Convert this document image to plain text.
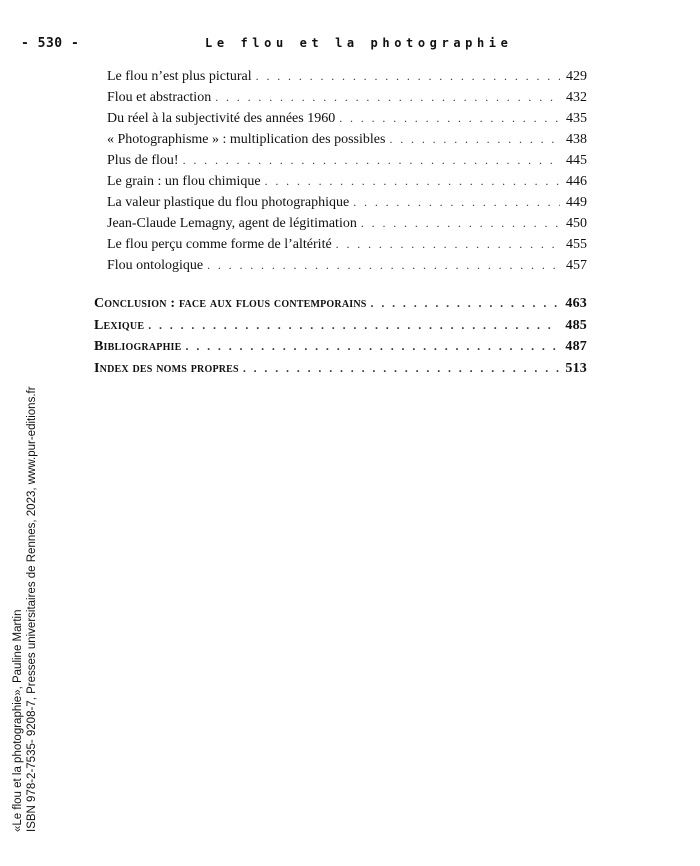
- 530 -	Le flou et la photographie
Le flou n’est plus pictural . . .	429
Flou et abstraction . . .	432
Du réel à la subjectivité des années 1960 . . .	435
« Photographisme » : multiplication des possibles . . .	438
Plus de flou! . . .	445
Le grain : un flou chimique . . .	446
La valeur plastique du flou photographique . . .	449
Jean-Claude Lemagny, agent de légitimation . . .	450
Le flou perçu comme forme de l’altérité . . .	455
Flou ontologique . . .	457
Conclusion : face aux flous contemporains . . .	463
Lexique . . .	485
Bibliographie . . .	487
Index des noms propres . . .	513
«Le flou et la photographie», Pauline Martin ISBN 978-2-7535- 9208-7, Presses universitaires de Rennes, 2023, www.pur-editions.fr
